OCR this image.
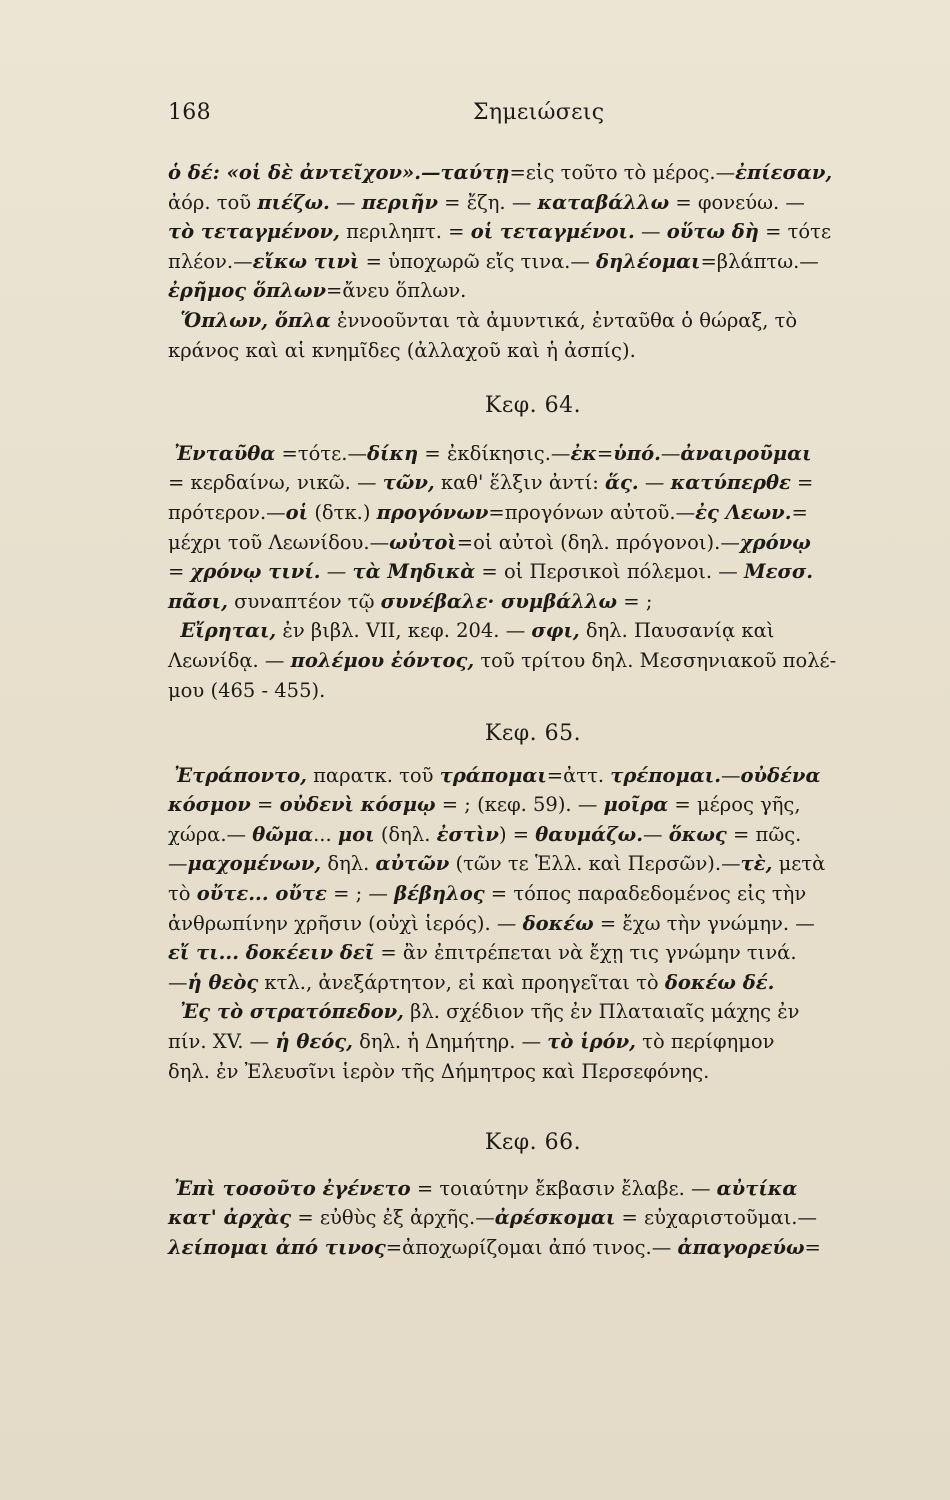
168	Σημειώσεις

ὁ δέ: «οἱ δὲ ἀντεῖχον».—ταύτῃ=εἰς τοῦτο τὸ μέρος.—ἐπίεσαν,
ἀόρ. τοῦ πιέζω. — περιῆν = ἔζη. — καταβάλλω = φονεύω. —
τὸ τεταγμένον, περιληπτ. = οἱ τεταγμένοι. — οὕτω δὴ = τότε
πλέον.—εἴκω τινὶ = ὑποχωρῶ εἴς τινα.— δηλέομαι=βλάπτω.—
ἐρῆμος ὅπλων=ἄνευ ὅπλων.
Ὅπλων, ὅπλα ἐννοοῦνται τὰ ἀμυντικά, ἐνταῦθα ὁ θώραξ, τὸ
κράνος καὶ αἱ κνημῖδες (ἀλλαχοῦ καὶ ἡ ἀσπίς).

Κεφ. 64.

Ἐνταῦθα =τότε.—δίκη = ἐκδίκησις.—ἐκ=ὑπό.—ἀναιροῦμαι
= κερδαίνω, νικῶ. — τῶν, καθ' ἕλξιν ἀντί: ἅς. — κατύπερθε =
πρότερον.—οἱ (δτκ.) προγόνων=προγόνων αὐτοῦ.—ἐς Λεων.=
μέχρι τοῦ Λεωνίδου.—ωὐτοὶ=οἱ αὐτοὶ (δηλ. πρόγονοι).—χρόνῳ
= χρόνῳ τινί. — τὰ Μηδικὰ = οἱ Περσικοὶ πόλεμοι. — Μεσσ.
πᾶσι, συναπτέον τῷ συνέβαλε· συμβάλλω = ;
Εἴρηται, ἐν βιβλ. VII, κεφ. 204. — σφι, δηλ. Παυσανίᾳ καὶ
Λεωνίδᾳ. — πολέμου ἐόντος, τοῦ τρίτου δηλ. Μεσσηνιακοῦ πολέ-
μου (465 - 455).

Κεφ. 65.

Ἐτράποντο, παρατκ. τοῦ τράπομαι=ἀττ. τρέπομαι.—οὐδένα
κόσμον = οὐδενὶ κόσμῳ = ; (κεφ. 59). — μοῖρα = μέρος γῆς,
χώρα.— θῶμα... μοι (δηλ. ἐστὶν) = θαυμάζω.— ὅκως = πῶς.
—μαχομένων, δηλ. αὐτῶν (τῶν τε Ἑλλ. καὶ Περσῶν).—τὲ, μετὰ
τὸ οὔτε... οὔτε = ; — βέβηλος = τόπος παραδεδομένος εἰς τὴν
ἀνθρωπίνην χρῆσιν (οὐχὶ ἱερός). — δοκέω = ἔχω τὴν γνώμην. —
εἴ τι... δοκέειν δεῖ = ἂν ἐπιτρέπεται νὰ ἔχῃ τις γνώμην τινά.
—ἡ θεὸς κτλ., ἀνεξάρτητον, εἰ καὶ προηγεῖται τὸ δοκέω δέ.
Ἐς τὸ στρατόπεδον, βλ. σχέδιον τῆς ἐν Πλαταιαῖς μάχης ἐν
πίν. XV. — ἡ θεός, δηλ. ἡ Δημήτηρ. — τὸ ἱρόν, τὸ περίφημον
δηλ. ἐν Ἐλευσῖνι ἱερὸν τῆς Δήμητρος καὶ Περσεφόνης.

Κεφ. 66.

Ἐπὶ τοσοῦτο ἐγένετο = τοιαύτην ἔκβασιν ἔλαβε. — αὐτίκα
κατ' ἀρχὰς = εὐθὺς ἐξ ἀρχῆς.—ἀρέσκομαι = εὐχαριστοῦμαι.—
λείπομαι ἀπό τινος=ἀποχωρίζομαι ἀπό τινος.— ἀπαγορεύω=
